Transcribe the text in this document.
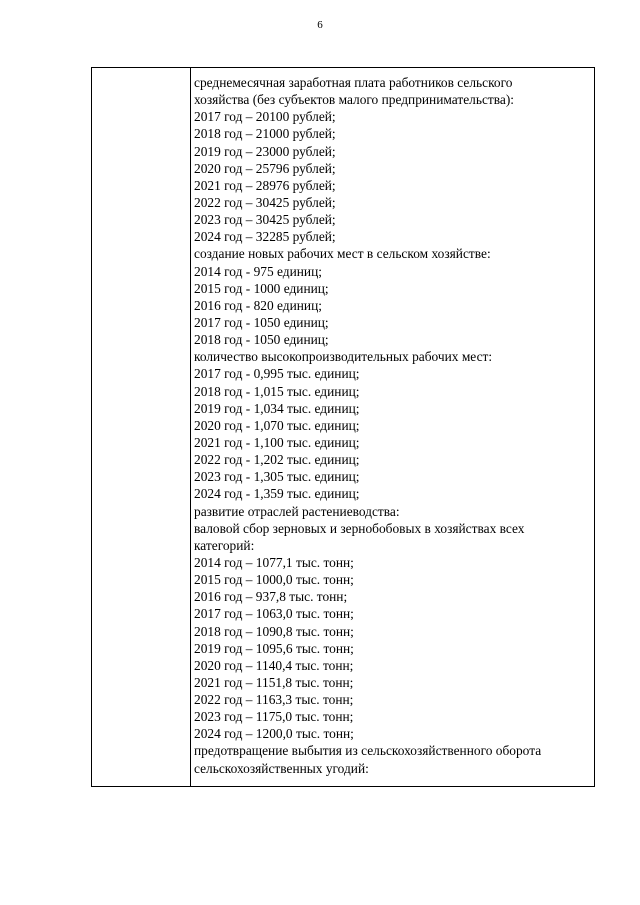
6
среднемесячная заработная плата работников сельского
хозяйства (без субъектов малого предпринимательства):
2017 год – 20100 рублей;
2018 год – 21000 рублей;
2019 год – 23000 рублей;
2020 год – 25796 рублей;
2021 год – 28976 рублей;
2022 год – 30425 рублей;
2023 год – 30425 рублей;
2024 год – 32285 рублей;
создание новых рабочих мест в сельском хозяйстве:
2014 год - 975 единиц;
2015 год - 1000 единиц;
2016 год - 820 единиц;
2017 год - 1050 единиц;
2018 год - 1050 единиц;
количество высокопроизводительных рабочих мест:
2017 год - 0,995 тыс. единиц;
2018 год - 1,015 тыс. единиц;
2019 год - 1,034 тыс. единиц;
2020 год - 1,070 тыс. единиц;
2021 год - 1,100 тыс. единиц;
2022 год - 1,202 тыс. единиц;
2023 год - 1,305 тыс. единиц;
2024 год - 1,359 тыс. единиц;
развитие отраслей растениеводства:
валовой сбор зерновых и зернобобовых в хозяйствах всех
категорий:
2014 год – 1077,1 тыс. тонн;
2015 год – 1000,0 тыс. тонн;
2016 год – 937,8 тыс. тонн;
2017 год – 1063,0 тыс. тонн;
2018 год – 1090,8 тыс. тонн;
2019 год – 1095,6 тыс. тонн;
2020 год – 1140,4 тыс. тонн;
2021 год – 1151,8 тыс. тонн;
2022 год – 1163,3 тыс. тонн;
2023 год – 1175,0 тыс. тонн;
2024 год – 1200,0 тыс. тонн;
предотвращение выбытия из сельскохозяйственного оборота
сельскохозяйственных угодий:
